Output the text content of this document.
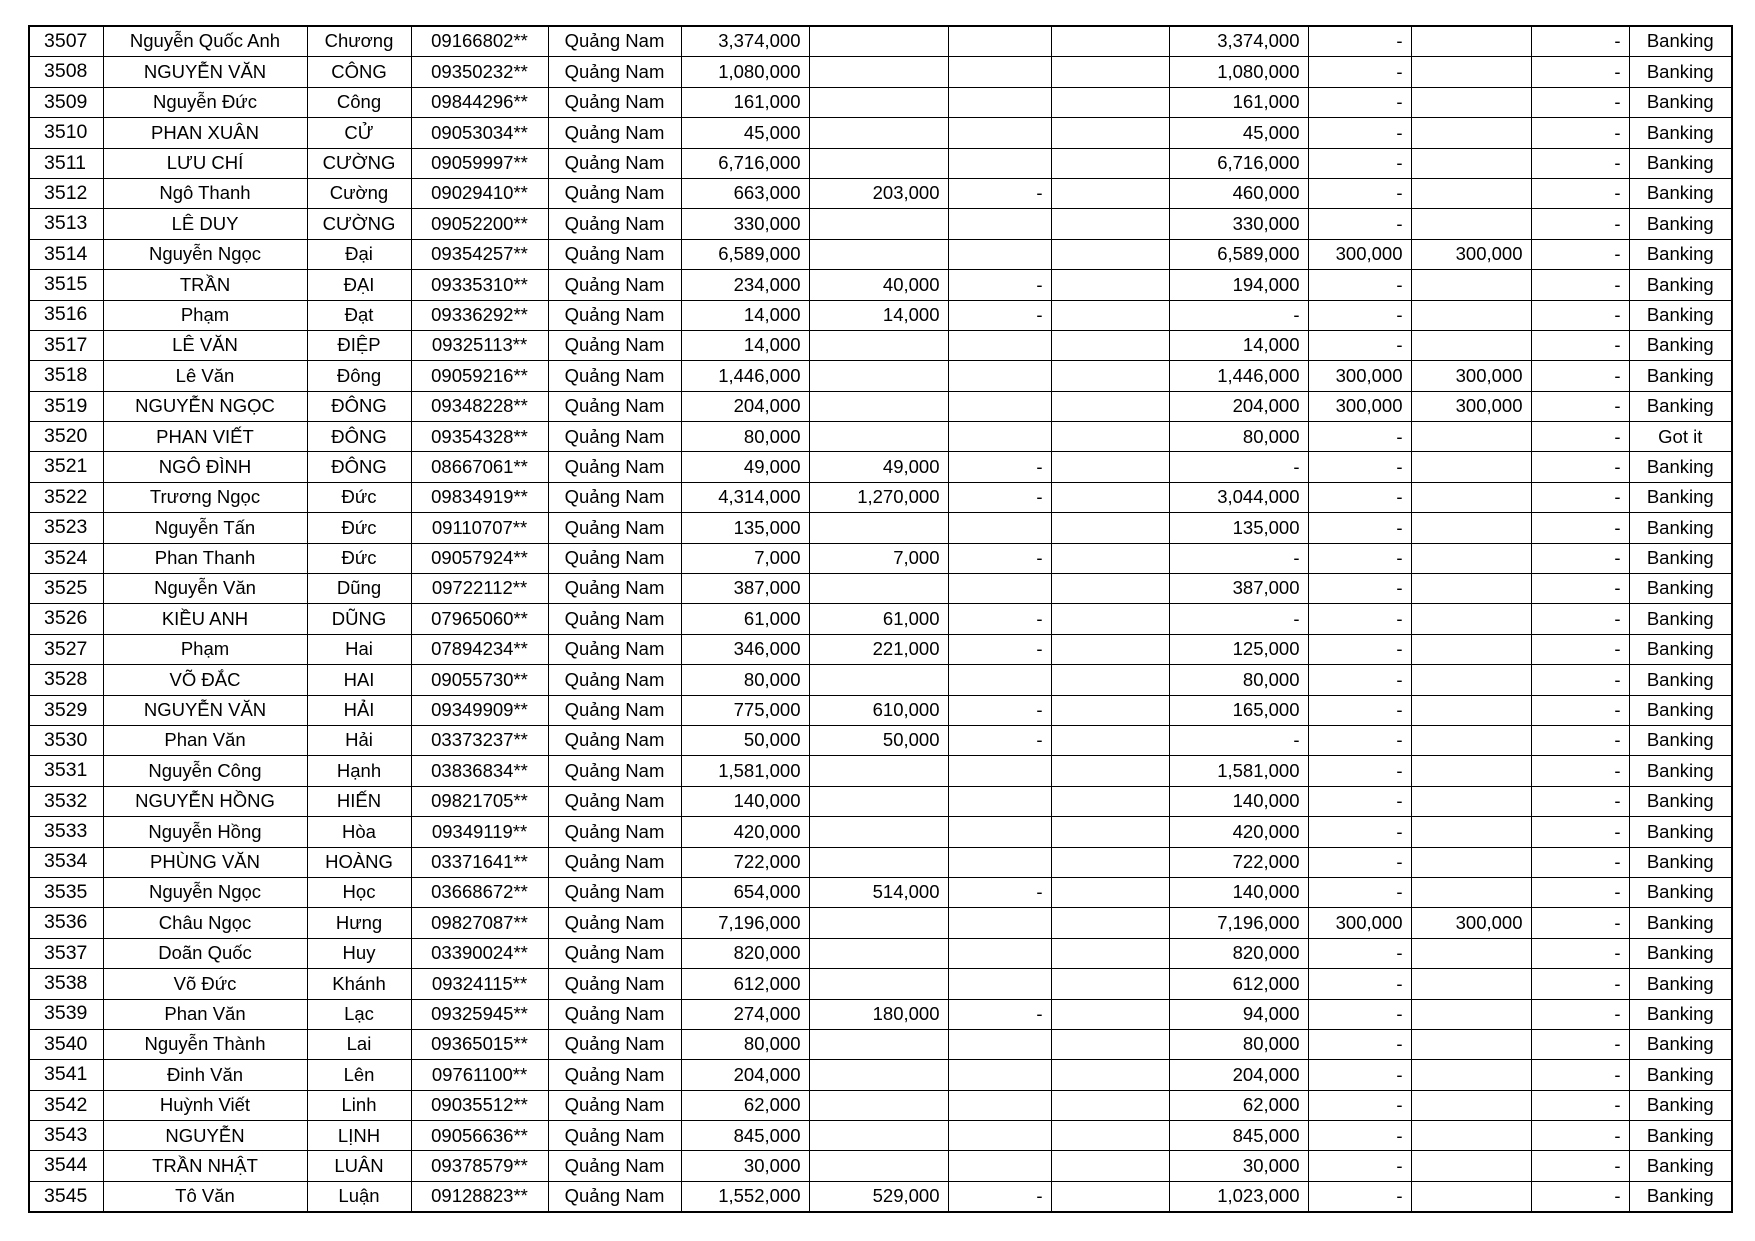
3507	Nguyễn Quốc Anh	Chương	09166802**	Quảng Nam	3,374,000				3,374,000	-		-	Banking
3508	NGUYỄN VĂN	CÔNG	09350232**	Quảng Nam	1,080,000				1,080,000	-		-	Banking
3509	Nguyễn Đức	Công	09844296**	Quảng Nam	161,000				161,000	-		-	Banking
3510	PHAN XUÂN	CỬ	09053034**	Quảng Nam	45,000				45,000	-		-	Banking
3511	LƯU CHÍ	CƯỜNG	09059997**	Quảng Nam	6,716,000				6,716,000	-		-	Banking
3512	Ngô Thanh	Cường	09029410**	Quảng Nam	663,000	203,000	-		460,000	-		-	Banking
3513	LÊ DUY	CƯỜNG	09052200**	Quảng Nam	330,000				330,000	-		-	Banking
3514	Nguyễn Ngọc	Đại	09354257**	Quảng Nam	6,589,000				6,589,000	300,000	300,000	-	Banking
3515	TRẦN	ĐẠI	09335310**	Quảng Nam	234,000	40,000	-		194,000	-		-	Banking
3516	Phạm	Đạt	09336292**	Quảng Nam	14,000	14,000	-		-	-		-	Banking
3517	LÊ VĂN	ĐIỆP	09325113**	Quảng Nam	14,000				14,000	-		-	Banking
3518	Lê Văn	Đông	09059216**	Quảng Nam	1,446,000				1,446,000	300,000	300,000	-	Banking
3519	NGUYỄN NGỌC	ĐÔNG	09348228**	Quảng Nam	204,000				204,000	300,000	300,000	-	Banking
3520	PHAN VIẾT	ĐÔNG	09354328**	Quảng Nam	80,000				80,000	-		-	Got it
3521	NGÔ ĐÌNH	ĐÔNG	08667061**	Quảng Nam	49,000	49,000	-		-	-		-	Banking
3522	Trương Ngọc	Đức	09834919**	Quảng Nam	4,314,000	1,270,000	-		3,044,000	-		-	Banking
3523	Nguyễn Tấn	Đức	09110707**	Quảng Nam	135,000				135,000	-		-	Banking
3524	Phan Thanh	Đức	09057924**	Quảng Nam	7,000	7,000	-		-	-		-	Banking
3525	Nguyễn Văn	Dũng	09722112**	Quảng Nam	387,000				387,000	-		-	Banking
3526	KIỀU ANH	DŨNG	07965060**	Quảng Nam	61,000	61,000	-		-	-		-	Banking
3527	Phạm	Hai	07894234**	Quảng Nam	346,000	221,000	-		125,000	-		-	Banking
3528	VÕ ĐẮC	HAI	09055730**	Quảng Nam	80,000				80,000	-		-	Banking
3529	NGUYỄN VĂN	HẢI	09349909**	Quảng Nam	775,000	610,000	-		165,000	-		-	Banking
3530	Phan Văn	Hải	03373237**	Quảng Nam	50,000	50,000	-		-	-		-	Banking
3531	Nguyễn Công	Hạnh	03836834**	Quảng Nam	1,581,000				1,581,000	-		-	Banking
3532	NGUYỄN HỒNG	HIẾN	09821705**	Quảng Nam	140,000				140,000	-		-	Banking
3533	Nguyễn Hồng	Hòa	09349119**	Quảng Nam	420,000				420,000	-		-	Banking
3534	PHÙNG VĂN	HOÀNG	03371641**	Quảng Nam	722,000				722,000	-		-	Banking
3535	Nguyễn Ngọc	Học	03668672**	Quảng Nam	654,000	514,000	-		140,000	-		-	Banking
3536	Châu Ngọc	Hưng	09827087**	Quảng Nam	7,196,000				7,196,000	300,000	300,000	-	Banking
3537	Doãn Quốc	Huy	03390024**	Quảng Nam	820,000				820,000	-		-	Banking
3538	Võ Đức	Khánh	09324115**	Quảng Nam	612,000				612,000	-		-	Banking
3539	Phan Văn	Lạc	09325945**	Quảng Nam	274,000	180,000	-		94,000	-		-	Banking
3540	Nguyễn Thành	Lai	09365015**	Quảng Nam	80,000				80,000	-		-	Banking
3541	Đinh Văn	Lên	09761100**	Quảng Nam	204,000				204,000	-		-	Banking
3542	Huỳnh Viết	Linh	09035512**	Quảng Nam	62,000				62,000	-		-	Banking
3543	NGUYỄN	LỊNH	09056636**	Quảng Nam	845,000				845,000	-		-	Banking
3544	TRẦN NHẬT	LUÂN	09378579**	Quảng Nam	30,000				30,000	-		-	Banking
3545	Tô Văn	Luận	09128823**	Quảng Nam	1,552,000	529,000	-		1,023,000	-		-	Banking
